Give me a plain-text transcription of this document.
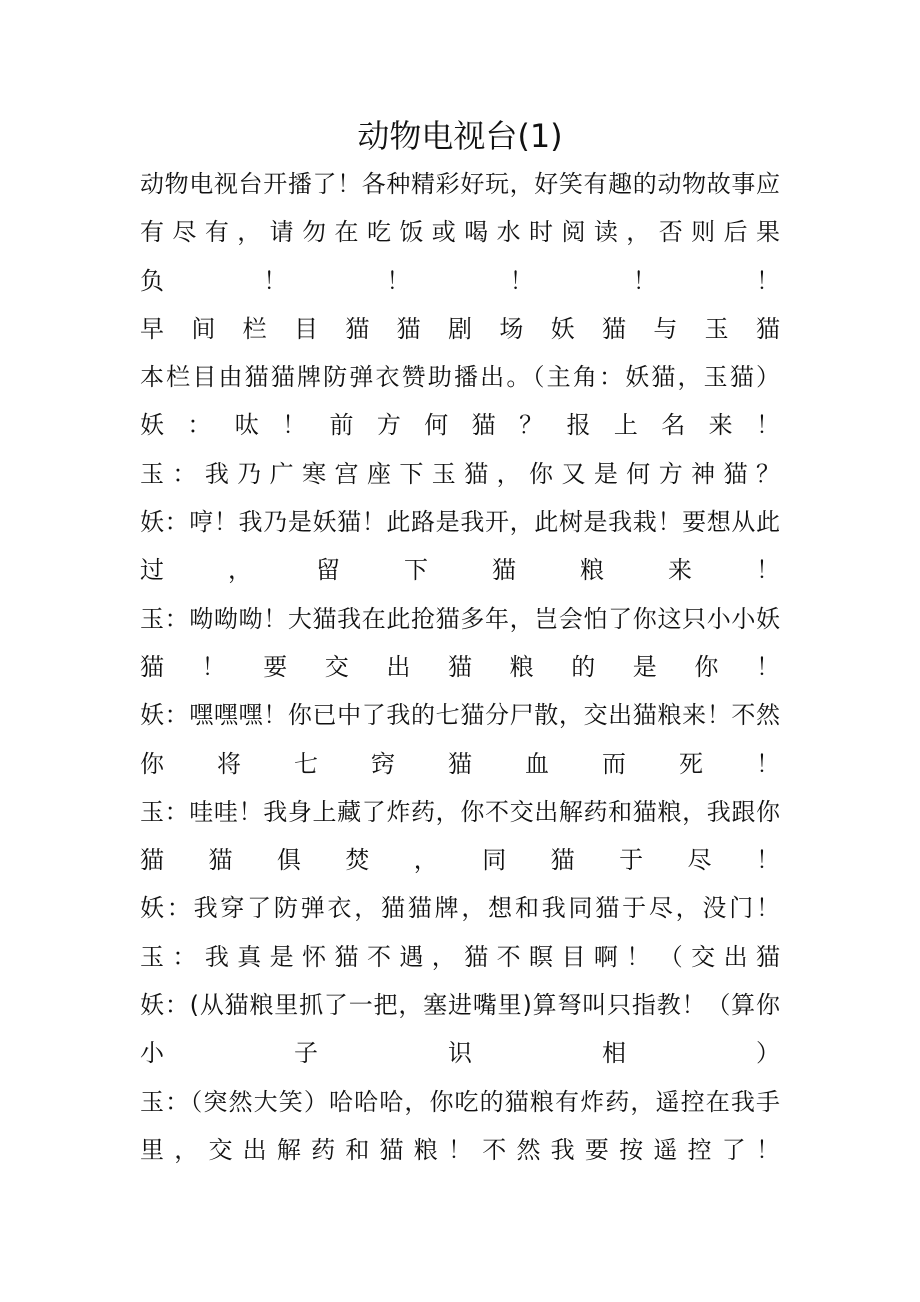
动物电视台(1)
动物电视台开播了！各种精彩好玩，好笑有趣的动物故事应
有 尽 有 ， 请 勿 在 吃 饭 或 喝 水 时 阅 读 ， 否 则 后 果
负 ！ ！ ！ ！ ！
早 间 栏 目 猫 猫 剧 场 妖 猫 与 玉 猫
本栏目由猫猫牌防弹衣赞助播出。（主角：妖猫，玉猫）
妖 ： 呔 ！ 前 方 何 猫 ？ 报 上 名 来 ！
玉 ： 我 乃 广 寒 宫 座 下 玉 猫 ， 你 又 是 何 方 神 猫 ？
妖：哼！我乃是妖猫！此路是我开，此树是我栽！要想从此
过 ， 留 下 猫 粮 来 ！
玉：呦呦呦！大猫我在此抢猫多年，岂会怕了你这只小小妖
猫 ！ 要 交 出 猫 粮 的 是 你 ！
妖：嘿嘿嘿！你已中了我的七猫分尸散，交出猫粮来！不然
你 将 七 窍 猫 血 而 死 ！
玉：哇哇！我身上藏了炸药，你不交出解药和猫粮，我跟你
猫 猫 俱 焚 ， 同 猫 于 尽 ！
妖：我穿了防弹衣，猫猫牌，想和我同猫于尽，没门！
玉 ： 我 真 是 怀 猫 不 遇 ， 猫 不 瞑 目 啊 ！ （ 交 出 猫
妖：(从猫粮里抓了一把，塞进嘴里)算弩叫只指教！（算你
小 子 识 相 ）
玉：（突然大笑）哈哈哈，你吃的猫粮有炸药，遥控在我手
里 ， 交 出 解 药 和 猫 粮 ！ 不 然 我 要 按 遥 控 了 ！
